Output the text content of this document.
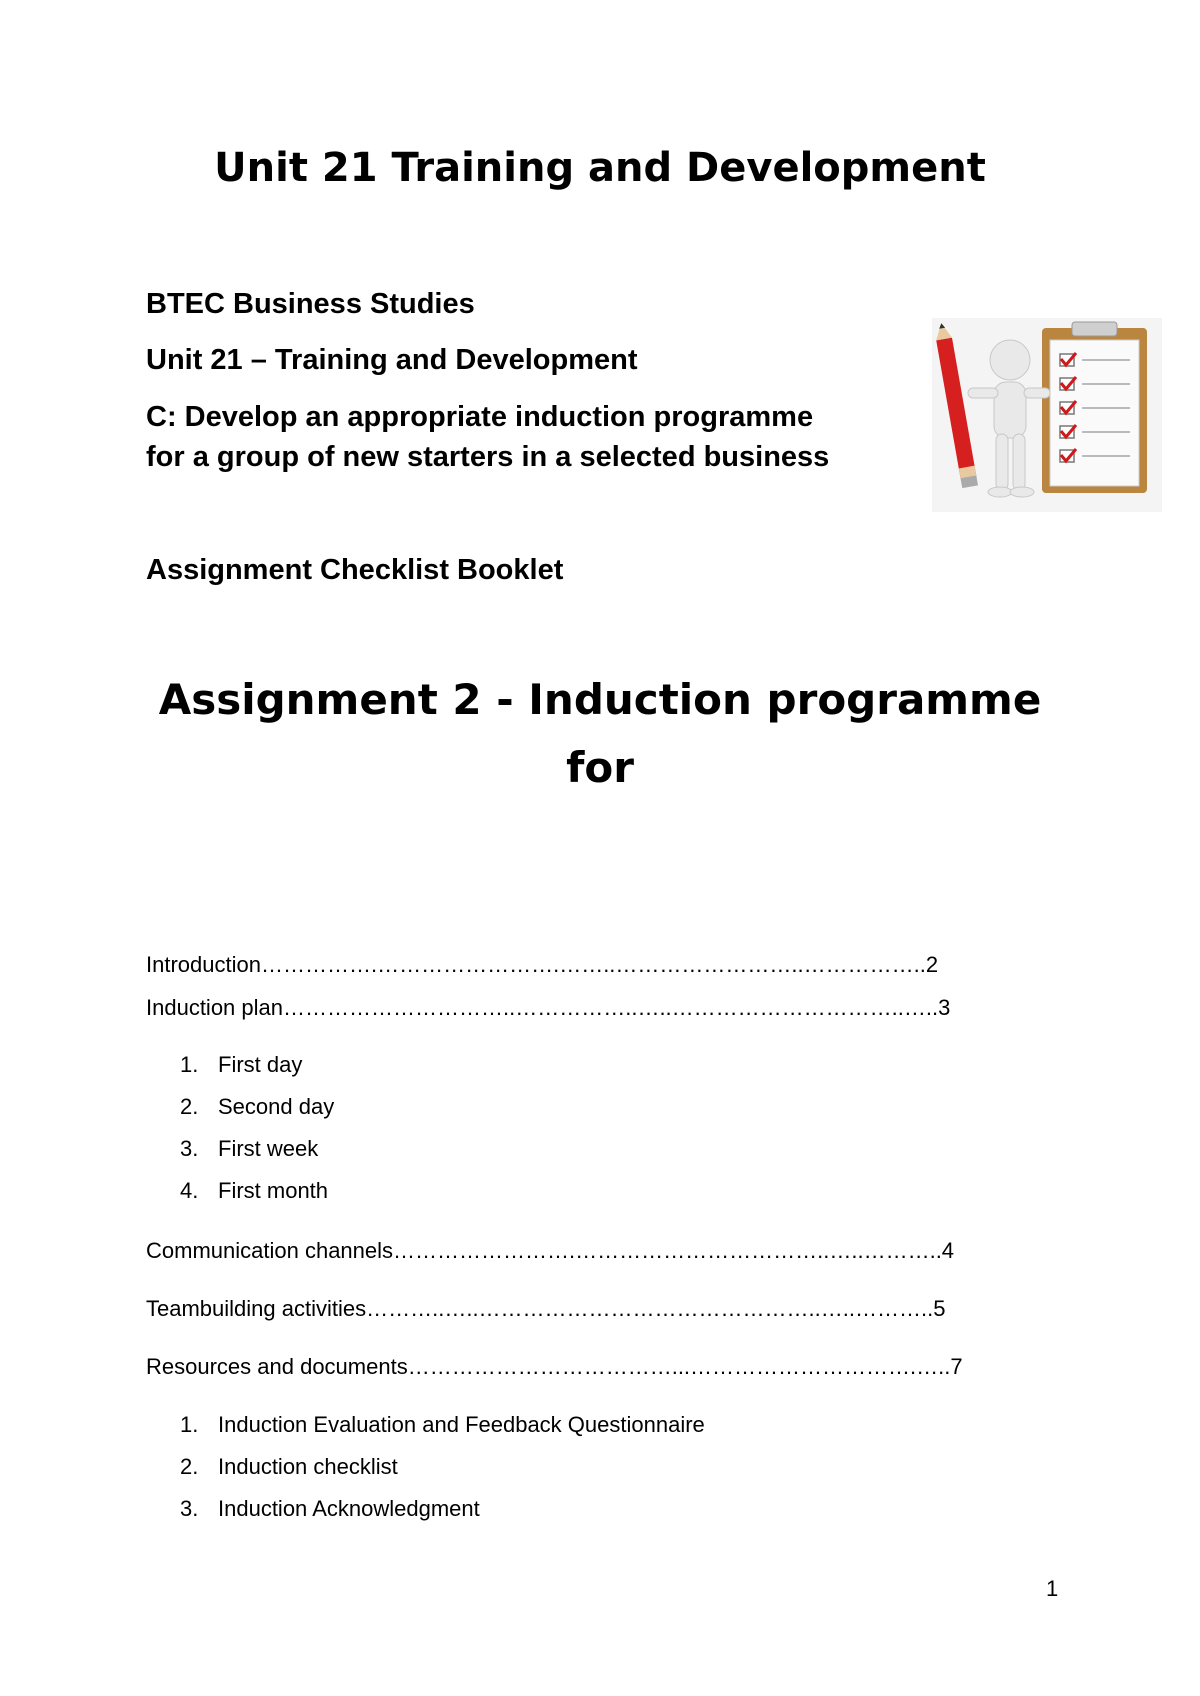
Unit 21 Training and Development
BTEC Business Studies
Unit 21 – Training and Development
C: Develop an appropriate induction programme
for a group of new starters in a selected business
Assignment Checklist Booklet
Assignment 2 - Induction programme
for
Introduction…………….…………………….……..……………………..……………..2
Induction plan…………………………..……………..…..…………………………..…..3
Communication channels…………………….……………………………..…..………..4
Teambuilding activities………..…..………………………………………..…..………..5
Resources and documents………………………………...………………………….…..7
1. First day
2. Second day
3. First week
4. First month
1. Induction Evaluation and Feedback Questionnaire
2. Induction checklist
3. Induction Acknowledgment
1
